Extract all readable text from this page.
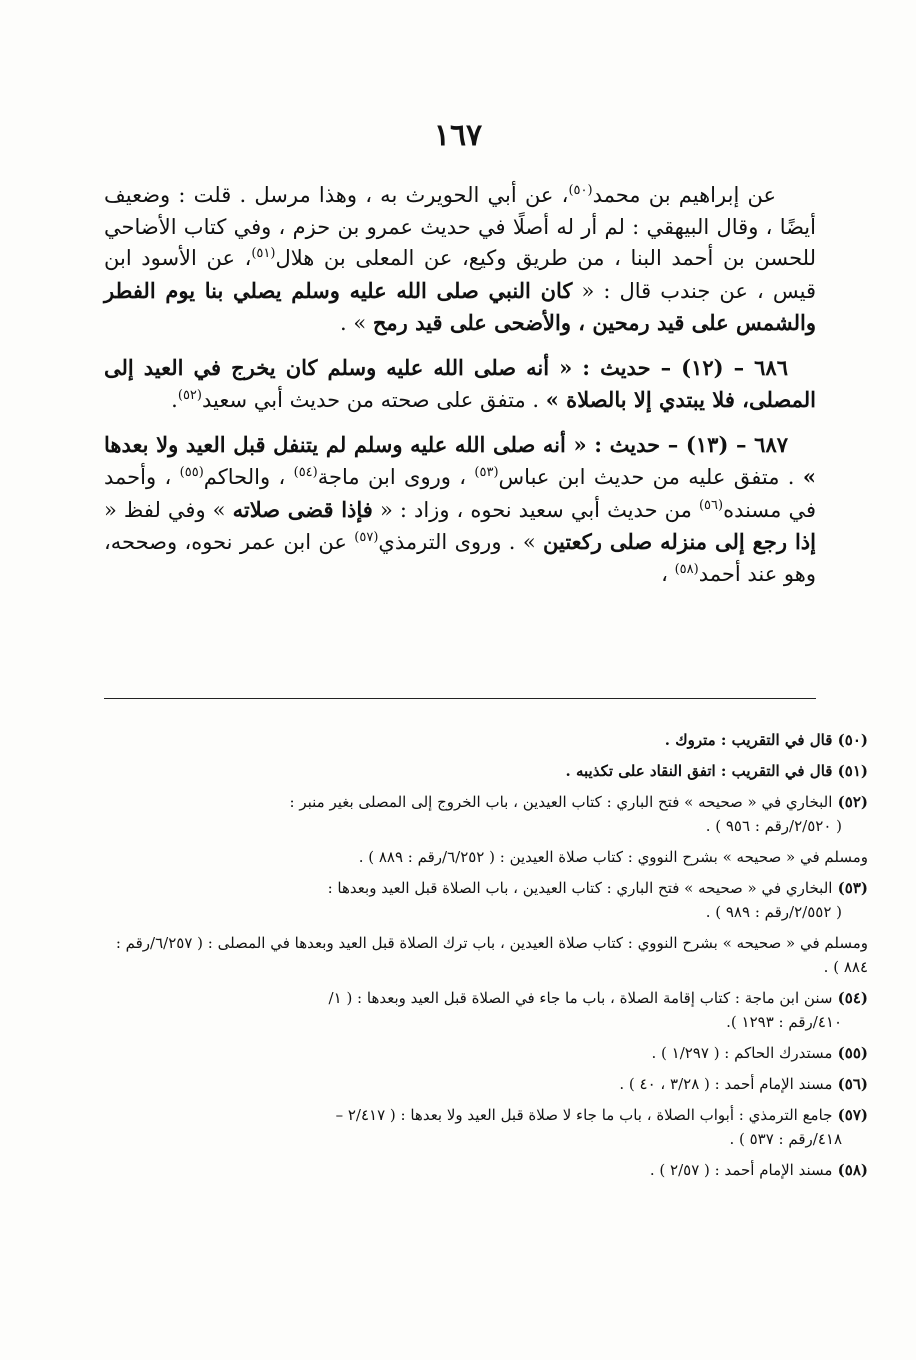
١٦٧

عن إبراهيم بن محمد$^{(٥٠)}$، عن أبي الحويرث به ، وهذا مرسل . قلت : وضعيف أيضًا ، وقال البيهقي : لم أر له أصلًا في حديث عمرو بن حزم ، وفي كتاب الأضاحي للحسن بن أحمد البنا ، من طريق وكيع، عن المعلى بن هلال$^{(٥١)}$، عن الأسود ابن قيس ، عن جندب قال : « كان النبي صلى الله عليه وسلم يصلي بنا يوم الفطر والشمس على قيد رمحين ، والأضحى على قيد رمح » .

٦٨٦ – (١٢) – حديث : « أنه صلى الله عليه وسلم كان يخرج في العيد إلى المصلى، فلا يبتدي إلا بالصلاة » . متفق على صحته من حديث أبي سعيد$^{(٥٢)}$.

٦٨٧ – (١٣) – حديث : « أنه صلى الله عليه وسلم لم يتنفل قبل العيد ولا بعدها » . متفق عليه من حديث ابن عباس$^{(٥٣)}$ ، وروى ابن ماجة$^{(٥٤)}$ ، والحاكم$^{(٥٥)}$ ، وأحمد في مسنده$^{(٥٦)}$ من حديث أبي سعيد نحوه ، وزاد : « فإذا قضى صلاته » وفي لفظ « إذا رجع إلى منزله صلى ركعتين » . وروى الترمذي$^{(٥٧)}$ عن ابن عمر نحوه، وصححه، وهو عند أحمد$^{(٥٨)}$ ،

(٥٠) قال في التقريب : متروك .
(٥١) قال في التقريب : اتفق النقاد على تكذيبه .
(٥٢) البخاري في « صحيحه » فتح الباري : كتاب العيدين ، باب الخروج إلى المصلى بغير منبر :
( ٢/٥٢٠/رقم : ٩٥٦ ) .
ومسلم في « صحيحه » بشرح النووي : كتاب صلاة العيدين : ( ٦/٢٥٢/رقم : ٨٨٩ ) .
(٥٣) البخاري في « صحيحه » فتح الباري : كتاب العيدين ، باب الصلاة قبل العيد وبعدها :
( ٢/٥٥٢/رقم : ٩٨٩ ) .
ومسلم في « صحيحه » بشرح النووي : كتاب صلاة العيدين ، باب ترك الصلاة قبل العيد وبعدها في المصلى : ( ٦/٢٥٧/رقم : ٨٨٤ ) .
(٥٤) سنن ابن ماجة : كتاب إقامة الصلاة ، باب ما جاء في الصلاة قبل العيد وبعدها : ( ١/
٤١٠/رقم : ١٢٩٣ ).
(٥٥) مستدرك الحاكم : ( ١/٢٩٧ ) .
(٥٦) مسند الإمام أحمد : ( ٣/٢٨ ، ٤٠ ) .
(٥٧) جامع الترمذي : أبواب الصلاة ، باب ما جاء لا صلاة قبل العيد ولا بعدها : ( ٢/٤١٧ –
٤١٨/رقم : ٥٣٧ ) .
(٥٨) مسند الإمام أحمد : ( ٢/٥٧ ) .
